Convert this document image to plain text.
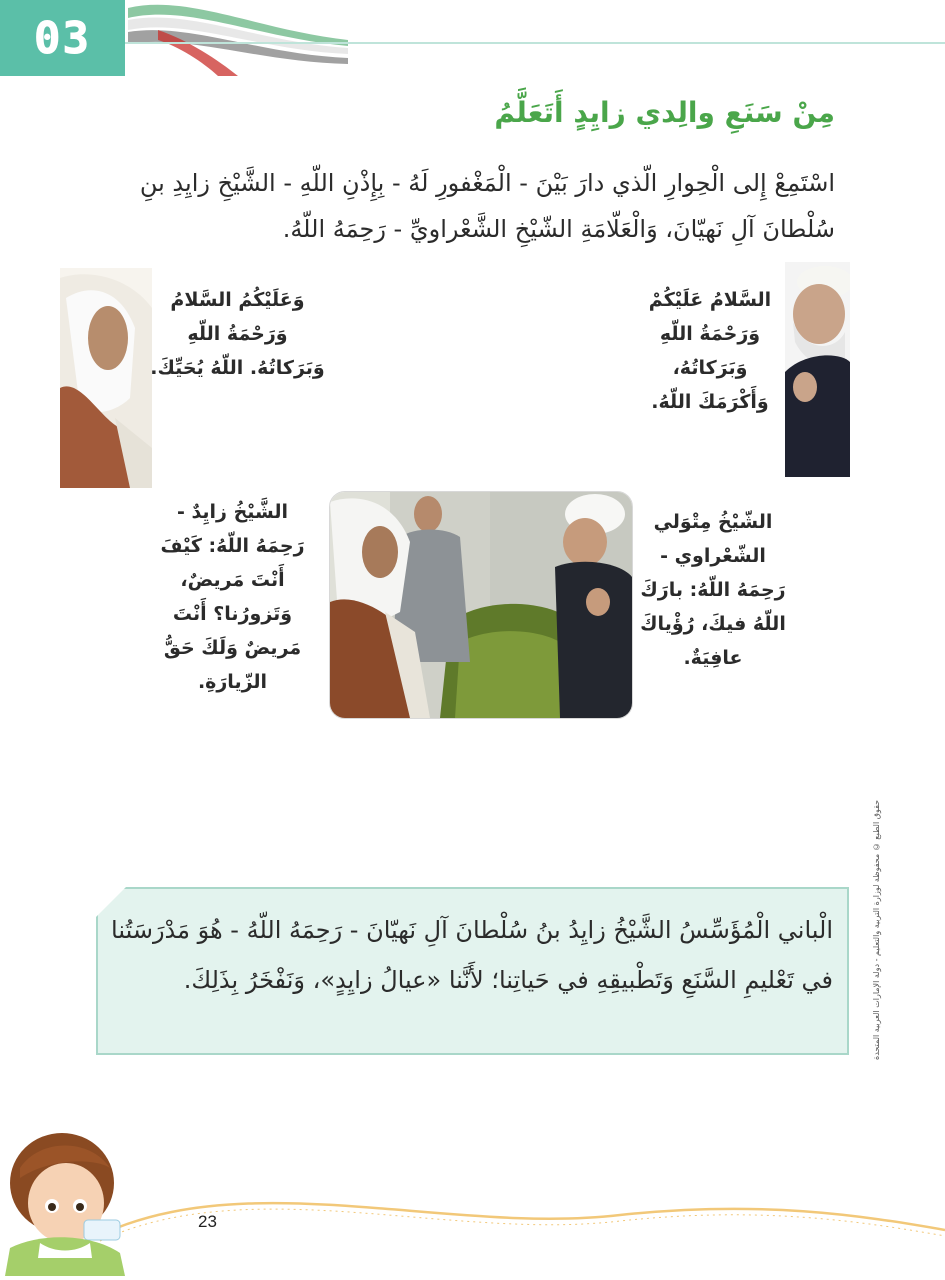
03
مِنْ سَنَعِ والِدي زايِدٍ أَتَعَلَّمُ
اسْتَمِعْ إِلى الْحِوارِ الّذي دارَ بَيْنَ - الْمَغْفورِ لَهُ - بِإِذْنِ اللّهِ - الشَّيْخِ زايِدِ بنِ سُلْطانَ آلِ نَهيّانَ، وَالْعَلّامَةِ الشّيْخِ الشَّعْراويِّ - رَحِمَهُ اللّهُ.
السَّلامُ عَلَيْكُمْ وَرَحْمَةُ اللّهِ وَبَرَكاتُهُ، وَأَكْرَمَكَ اللّهُ.
وَعَلَيْكُمُ السَّلامُ وَرَحْمَةُ اللّهِ وَبَرَكاتُهُ. اللّهُ يُحَيِّكَ.
الشّيْخُ مِتْوَلي الشّعْراوي - رَحِمَهُ اللّهُ: بارَكَ اللّهُ فيكَ، رُؤْياكَ عافِيَةٌ.
الشَّيْخُ زايِدٌ - رَحِمَهُ اللّهُ: كَيْفَ أَنْتَ مَريضٌ، وَتَزورُنا؟ أَنْتَ مَريضٌ وَلَكَ حَقُّ الزّيارَةِ.
حقوق الطبع © محفوظة لوزارة التربية والتعليم - دولة الإمارات العربية المتحدة
الْباني الْمُؤَسِّسُ الشَّيْخُ زايِدُ بنُ سُلْطانَ آلِ نَهيّانَ - رَحِمَهُ اللّهُ - هُوَ مَدْرَسَتُنا في تَعْليمِ السَّنَعِ وَتَطْبيقِهِ في حَياتِنا؛ لأَنَّنا «عيالُ زايِدٍ»، وَنَفْخَرُ بِذَلِكَ.
23
